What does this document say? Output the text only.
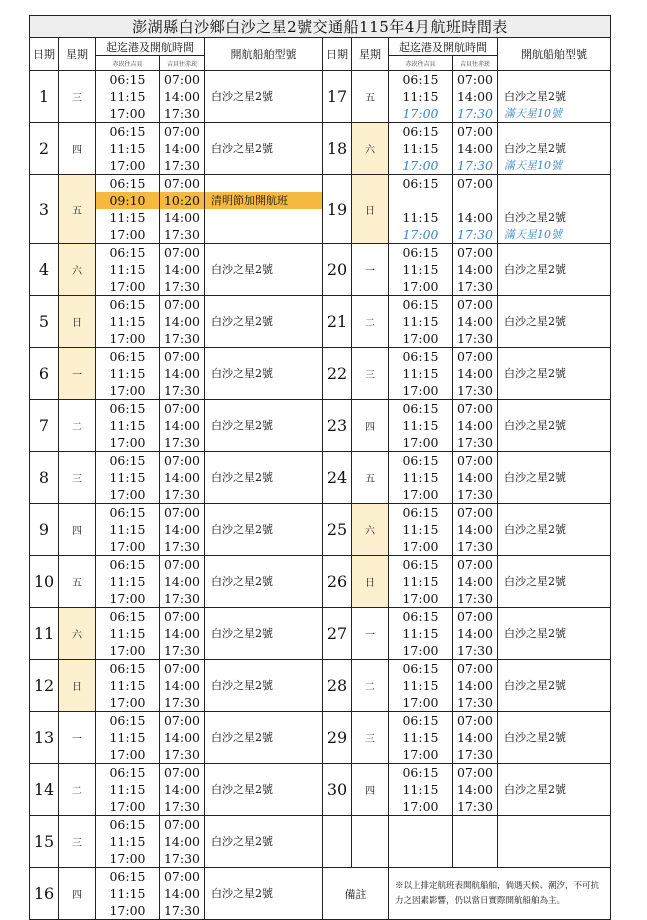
澎湖縣白沙鄉白沙之星2號交通船115年4月航班時間表									
日期	星期	起迄港及開航時間		開航船舶型號	日期	星期	起迄港及開航時間		開航船舶型號
		赤崁往吉貝	吉貝往赤崁				赤崁往吉貝	吉貝往赤崁	
1	三	06:15
11:15
17:00	07:00
14:00
17:30	白沙之星2號	17	五	06:15
11:15
17:00	07:00
14:00
17:30	白沙之星2號
滿天星10號

2	四	06:15
11:15
17:00	07:00
14:00
17:30	白沙之星2號	18	六	06:15
11:15
17:00	07:00
14:00
17:30	白沙之星2號
滿天星10號

3	五	06:15
09:10
11:15
17:00	07:00
10:20
14:00
17:30	清明節加開航班	19	日	06:15
11:15
17:00	07:00
14:00
17:30	白沙之星2號
滿天星10號

4	六	06:15
11:15
17:00	07:00
14:00
17:30	白沙之星2號	20	一	06:15
11:15
17:00	07:00
14:00
17:30	白沙之星2號

5	日	06:15
11:15
17:00	07:00
14:00
17:30	白沙之星2號	21	二	06:15
11:15
17:00	07:00
14:00
17:30	白沙之星2號

6	一	06:15
11:15
17:00	07:00
14:00
17:30	白沙之星2號	22	三	06:15
11:15
17:00	07:00
14:00
17:30	白沙之星2號

7	二	06:15
11:15
17:00	07:00
14:00
17:30	白沙之星2號	23	四	06:15
11:15
17:00	07:00
14:00
17:30	白沙之星2號

8	三	06:15
11:15
17:00	07:00
14:00
17:30	白沙之星2號	24	五	06:15
11:15
17:00	07:00
14:00
17:30	白沙之星2號

9	四	06:15
11:15
17:00	07:00
14:00
17:30	白沙之星2號	25	六	06:15
11:15
17:00	07:00
14:00
17:30	白沙之星2號

10	五	06:15
11:15
17:00	07:00
14:00
17:30	白沙之星2號	26	日	06:15
11:15
17:00	07:00
14:00
17:30	白沙之星2號

11	六	06:15
11:15
17:00	07:00
14:00
17:30	白沙之星2號	27	一	06:15
11:15
17:00	07:00
14:00
17:30	白沙之星2號

12	日	06:15
11:15
17:00	07:00
14:00
17:30	白沙之星2號	28	二	06:15
11:15
17:00	07:00
14:00
17:30	白沙之星2號

13	一	06:15
11:15
17:00	07:00
14:00
17:30	白沙之星2號	29	三	06:15
11:15
17:00	07:00
14:00
17:30	白沙之星2號

14	二	06:15
11:15
17:00	07:00
14:00
17:30	白沙之星2號	30	四	06:15
11:15
17:00	07:00
14:00
17:30	白沙之星2號

15	三	06:15
11:15
17:00	07:00
14:00
17:30	白沙之星2號					

16	四	06:15
11:15
17:00	07:00
14:00
17:30	白沙之星2號	備註		※以上排定航班表開航船舶，倘遇天候、潮汐，不可抗力之因素影響，仍以當日實際開航船舶為主。		
